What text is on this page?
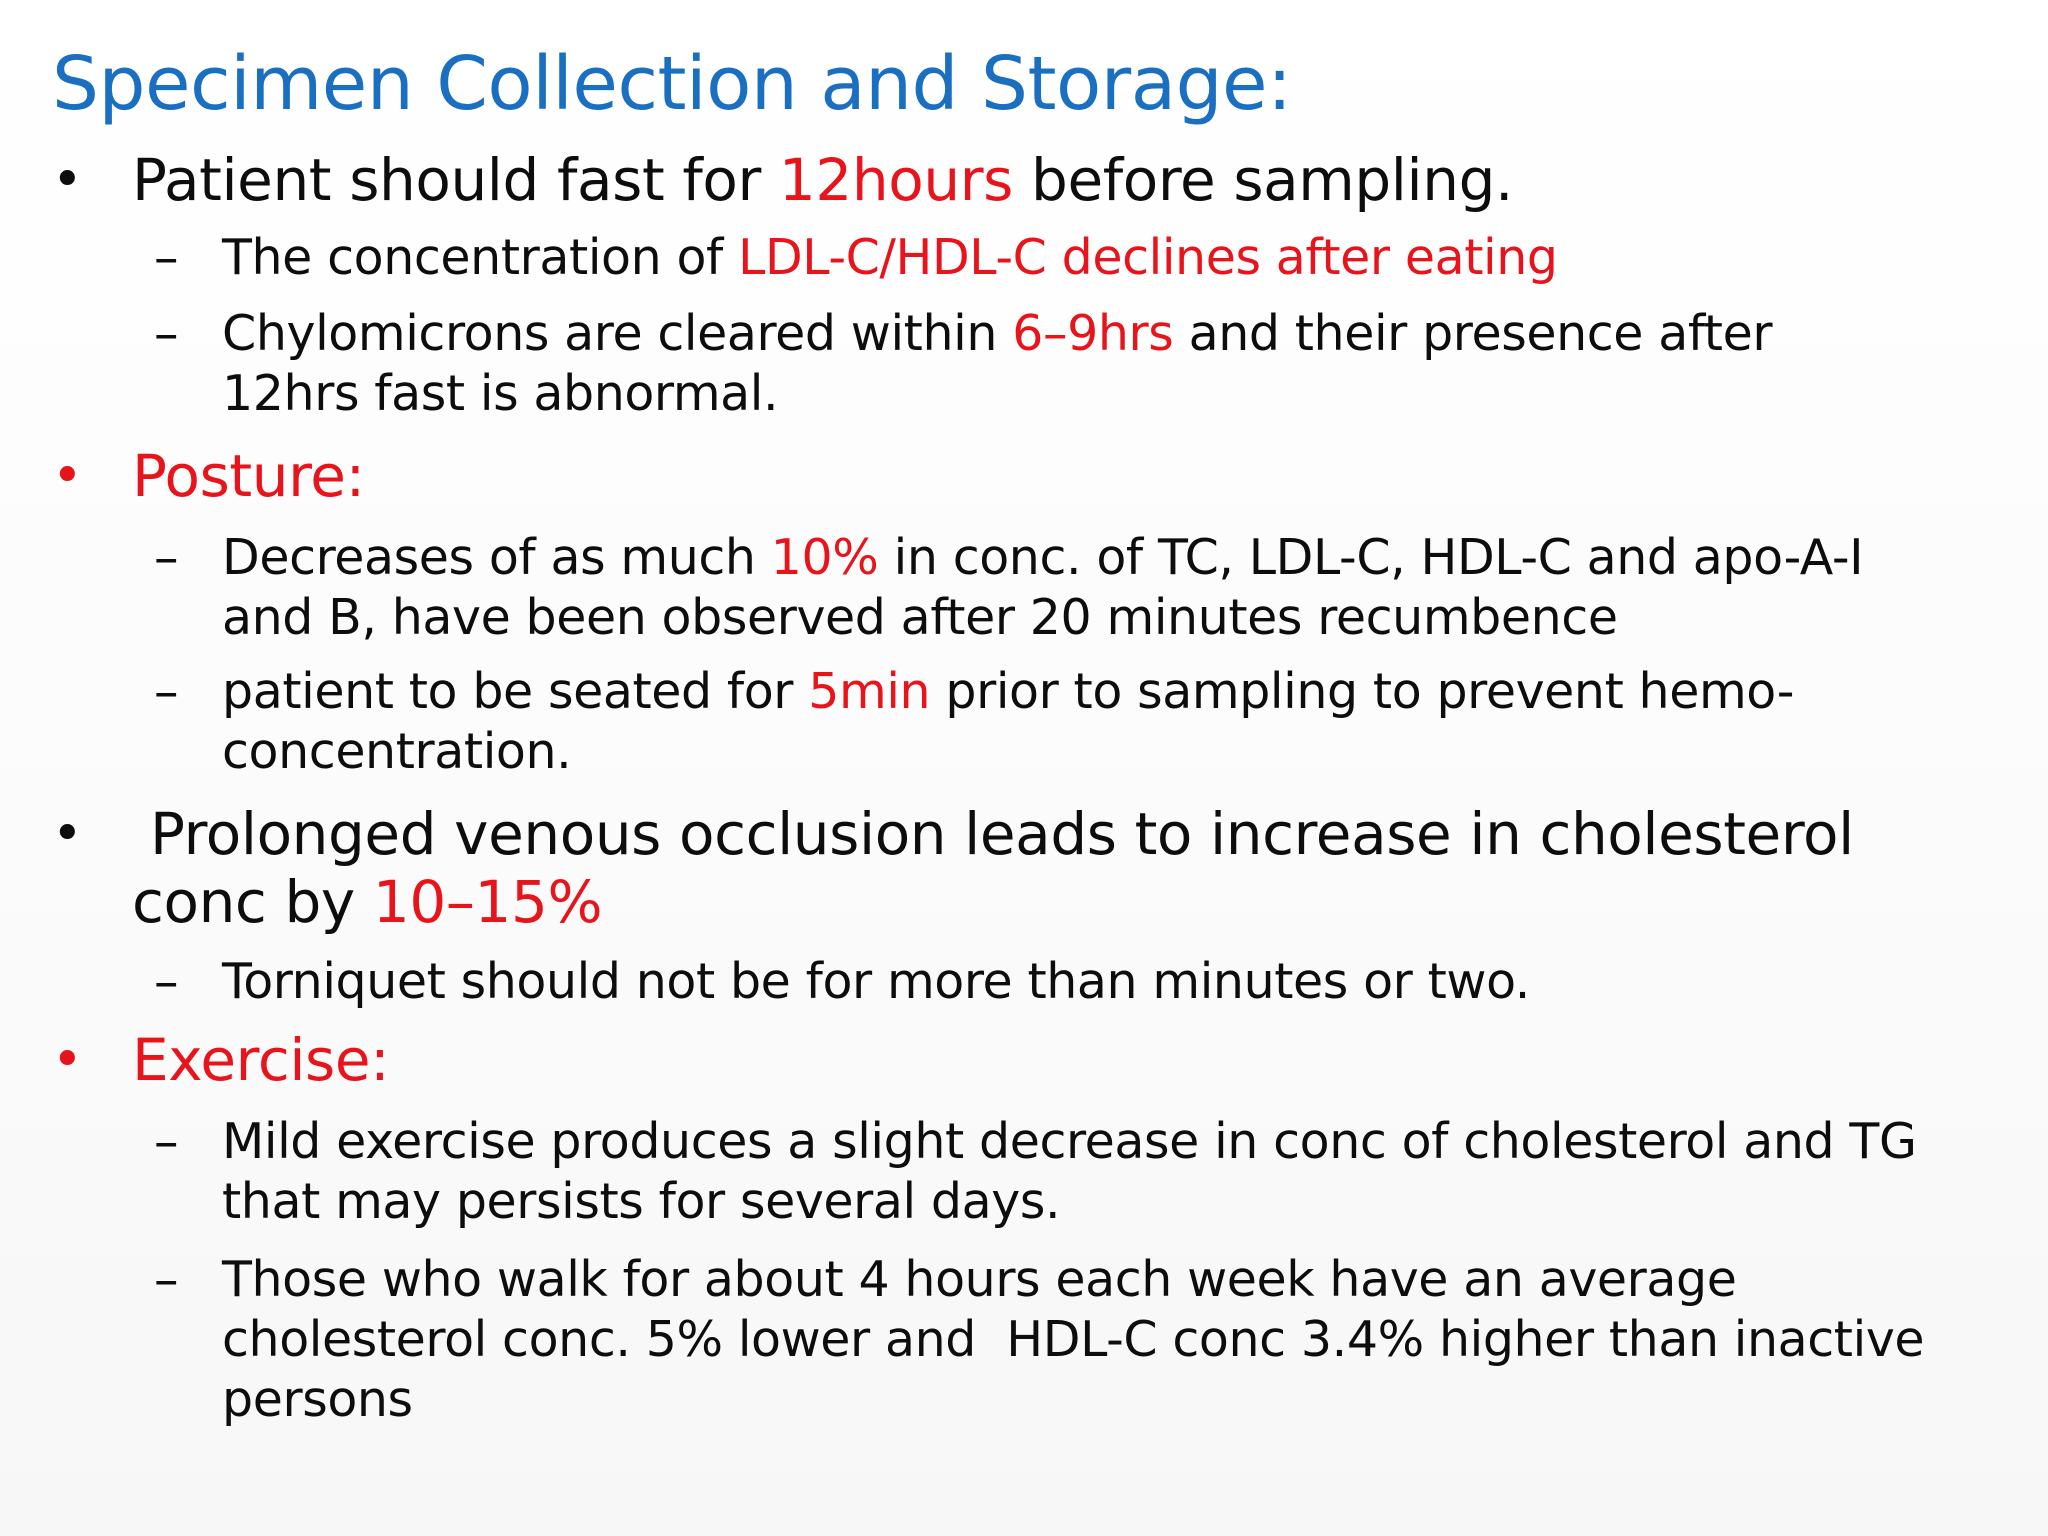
Specimen Collection and Storage:
• Patient should fast for 12hours before sampling.
– The concentration of LDL-C/HDL-C declines after eating
– Chylomicrons are cleared within 6–9hrs and their presence after
12hrs fast is abnormal.
• Posture:
– Decreases of as much 10% in conc. of TC, LDL-C, HDL-C and apo-A-I
and B, have been observed after 20 minutes recumbence
– patient to be seated for 5min prior to sampling to prevent hemo-
concentration.
• Prolonged venous occlusion leads to increase in cholesterol
conc by 10–15%
– Torniquet should not be for more than minutes or two.
• Exercise:
– Mild exercise produces a slight decrease in conc of cholesterol and TG
that may persists for several days.
– Those who walk for about 4 hours each week have an average
cholesterol conc. 5% lower and  HDL-C conc 3.4% higher than inactive
persons
